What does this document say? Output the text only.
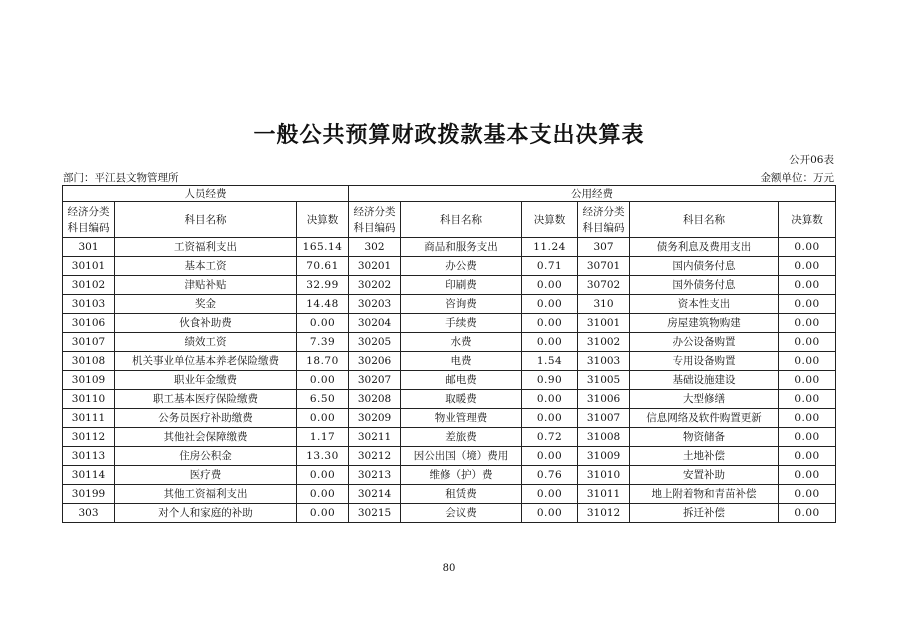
一般公共预算财政拨款基本支出决算表
公开06表
部门：平江县文物管理所	金额单位：万元
人员经费			公用经费					
经济分类科目编码	科目名称	决算数	经济分类科目编码	科目名称	决算数	经济分类科目编码	科目名称	决算数
301	工资福利支出	165.14	302	商品和服务支出	11.24	307	债务利息及费用支出	0.00
30101	基本工资	70.61	30201	办公费	0.71	30701	国内债务付息	0.00
30102	津贴补贴	32.99	30202	印刷费	0.00	30702	国外债务付息	0.00
30103	奖金	14.48	30203	咨询费	0.00	310	资本性支出	0.00
30106	伙食补助费	0.00	30204	手续费	0.00	31001	房屋建筑物购建	0.00
30107	绩效工资	7.39	30205	水费	0.00	31002	办公设备购置	0.00
30108	机关事业单位基本养老保险缴费	18.70	30206	电费	1.54	31003	专用设备购置	0.00
30109	职业年金缴费	0.00	30207	邮电费	0.90	31005	基础设施建设	0.00
30110	职工基本医疗保险缴费	6.50	30208	取暖费	0.00	31006	大型修缮	0.00
30111	公务员医疗补助缴费	0.00	30209	物业管理费	0.00	31007	信息网络及软件购置更新	0.00
30112	其他社会保障缴费	1.17	30211	差旅费	0.72	31008	物资储备	0.00
30113	住房公积金	13.30	30212	因公出国（境）费用	0.00	31009	土地补偿	0.00
30114	医疗费	0.00	30213	维修（护）费	0.76	31010	安置补助	0.00
30199	其他工资福利支出	0.00	30214	租赁费	0.00	31011	地上附着物和青苗补偿	0.00
303	对个人和家庭的补助	0.00	30215	会议费	0.00	31012	拆迁补偿	0.00
80
